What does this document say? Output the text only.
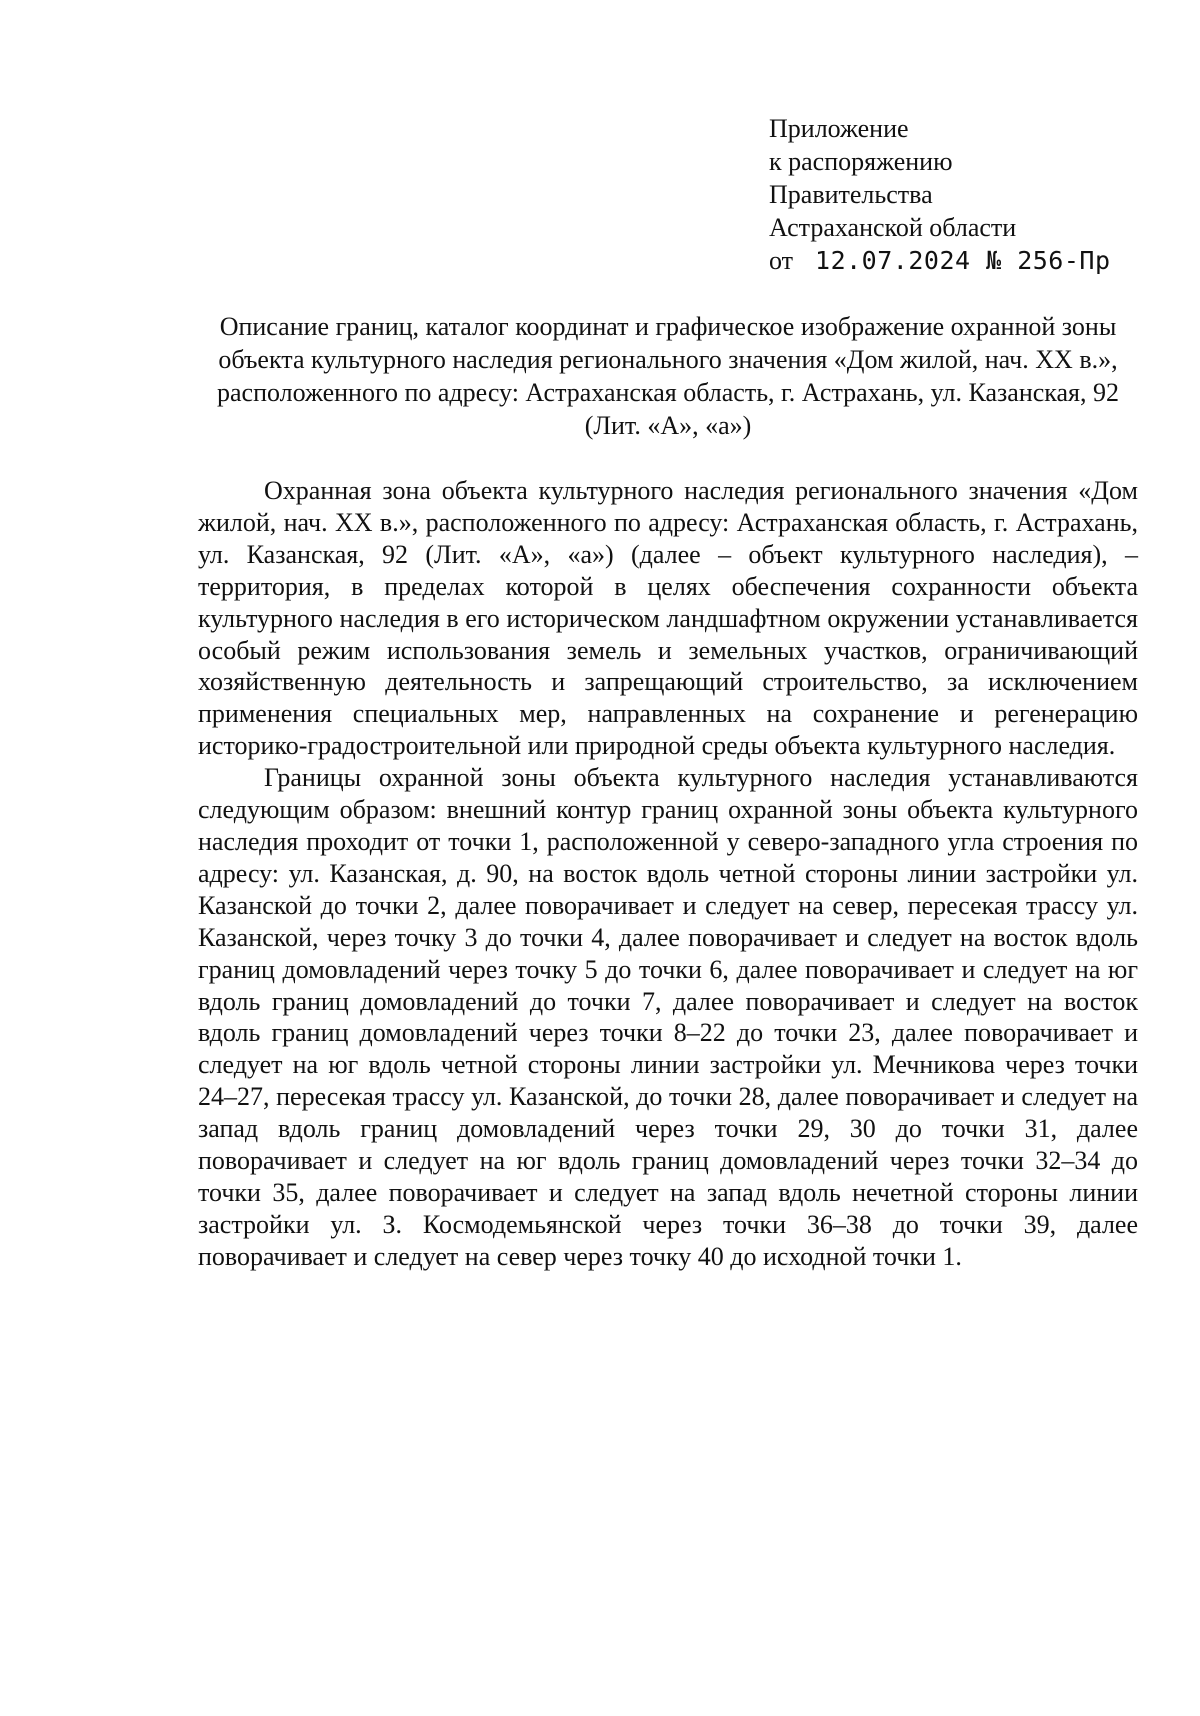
Приложение
к распоряжению
Правительства
Астраханской области
от 12.07.2024 № 256-Пр
Описание границ, каталог координат и графическое изображение охранной зоны объекта культурного наследия регионального значения «Дом жилой, нач. XX в.», расположенного по адресу: Астраханская область, г. Астрахань, ул. Казанская, 92 (Лит. «А», «а»)

Охранная зона объекта культурного наследия регионального значения «Дом жилой, нач. XX в.», расположенного по адресу: Астраханская область, г. Астрахань, ул. Казанская, 92 (Лит. «А», «а») (далее – объект культурного наследия), – территория, в пределах которой в целях обеспечения сохранности объекта культурного наследия в его историческом ландшафтном окружении устанавливается особый режим использования земель и земельных участков, ограничивающий хозяйственную деятельность и запрещающий строительство, за исключением применения специальных мер, направленных на сохранение и регенерацию историко-градостроительной или природной среды объекта культурного наследия.

Границы охранной зоны объекта культурного наследия устанавливаются следующим образом: внешний контур границ охранной зоны объекта культурного наследия проходит от точки 1, расположенной у северо-западного угла строения по адресу: ул. Казанская, д. 90, на восток вдоль четной стороны линии застройки ул. Казанской до точки 2, далее поворачивает и следует на север, пересекая трассу ул. Казанской, через точку 3 до точки 4, далее поворачивает и следует на восток вдоль границ домовладений через точку 5 до точки 6, далее поворачивает и следует на юг вдоль границ домовладений до точки 7, далее поворачивает и следует на восток вдоль границ домовладений через точки 8–22 до точки 23, далее поворачивает и следует на юг вдоль четной стороны линии застройки ул. Мечникова через точки 24–27, пересекая трассу ул. Казанской, до точки 28, далее поворачивает и следует на запад вдоль границ домовладений через точки 29, 30 до точки 31, далее поворачивает и следует на юг вдоль границ домовладений через точки 32–34 до точки 35, далее поворачивает и следует на запад вдоль нечетной стороны линии застройки ул. З. Космодемьянской через точки 36–38 до точки 39, далее поворачивает и следует на север через точку 40 до исходной точки 1.
